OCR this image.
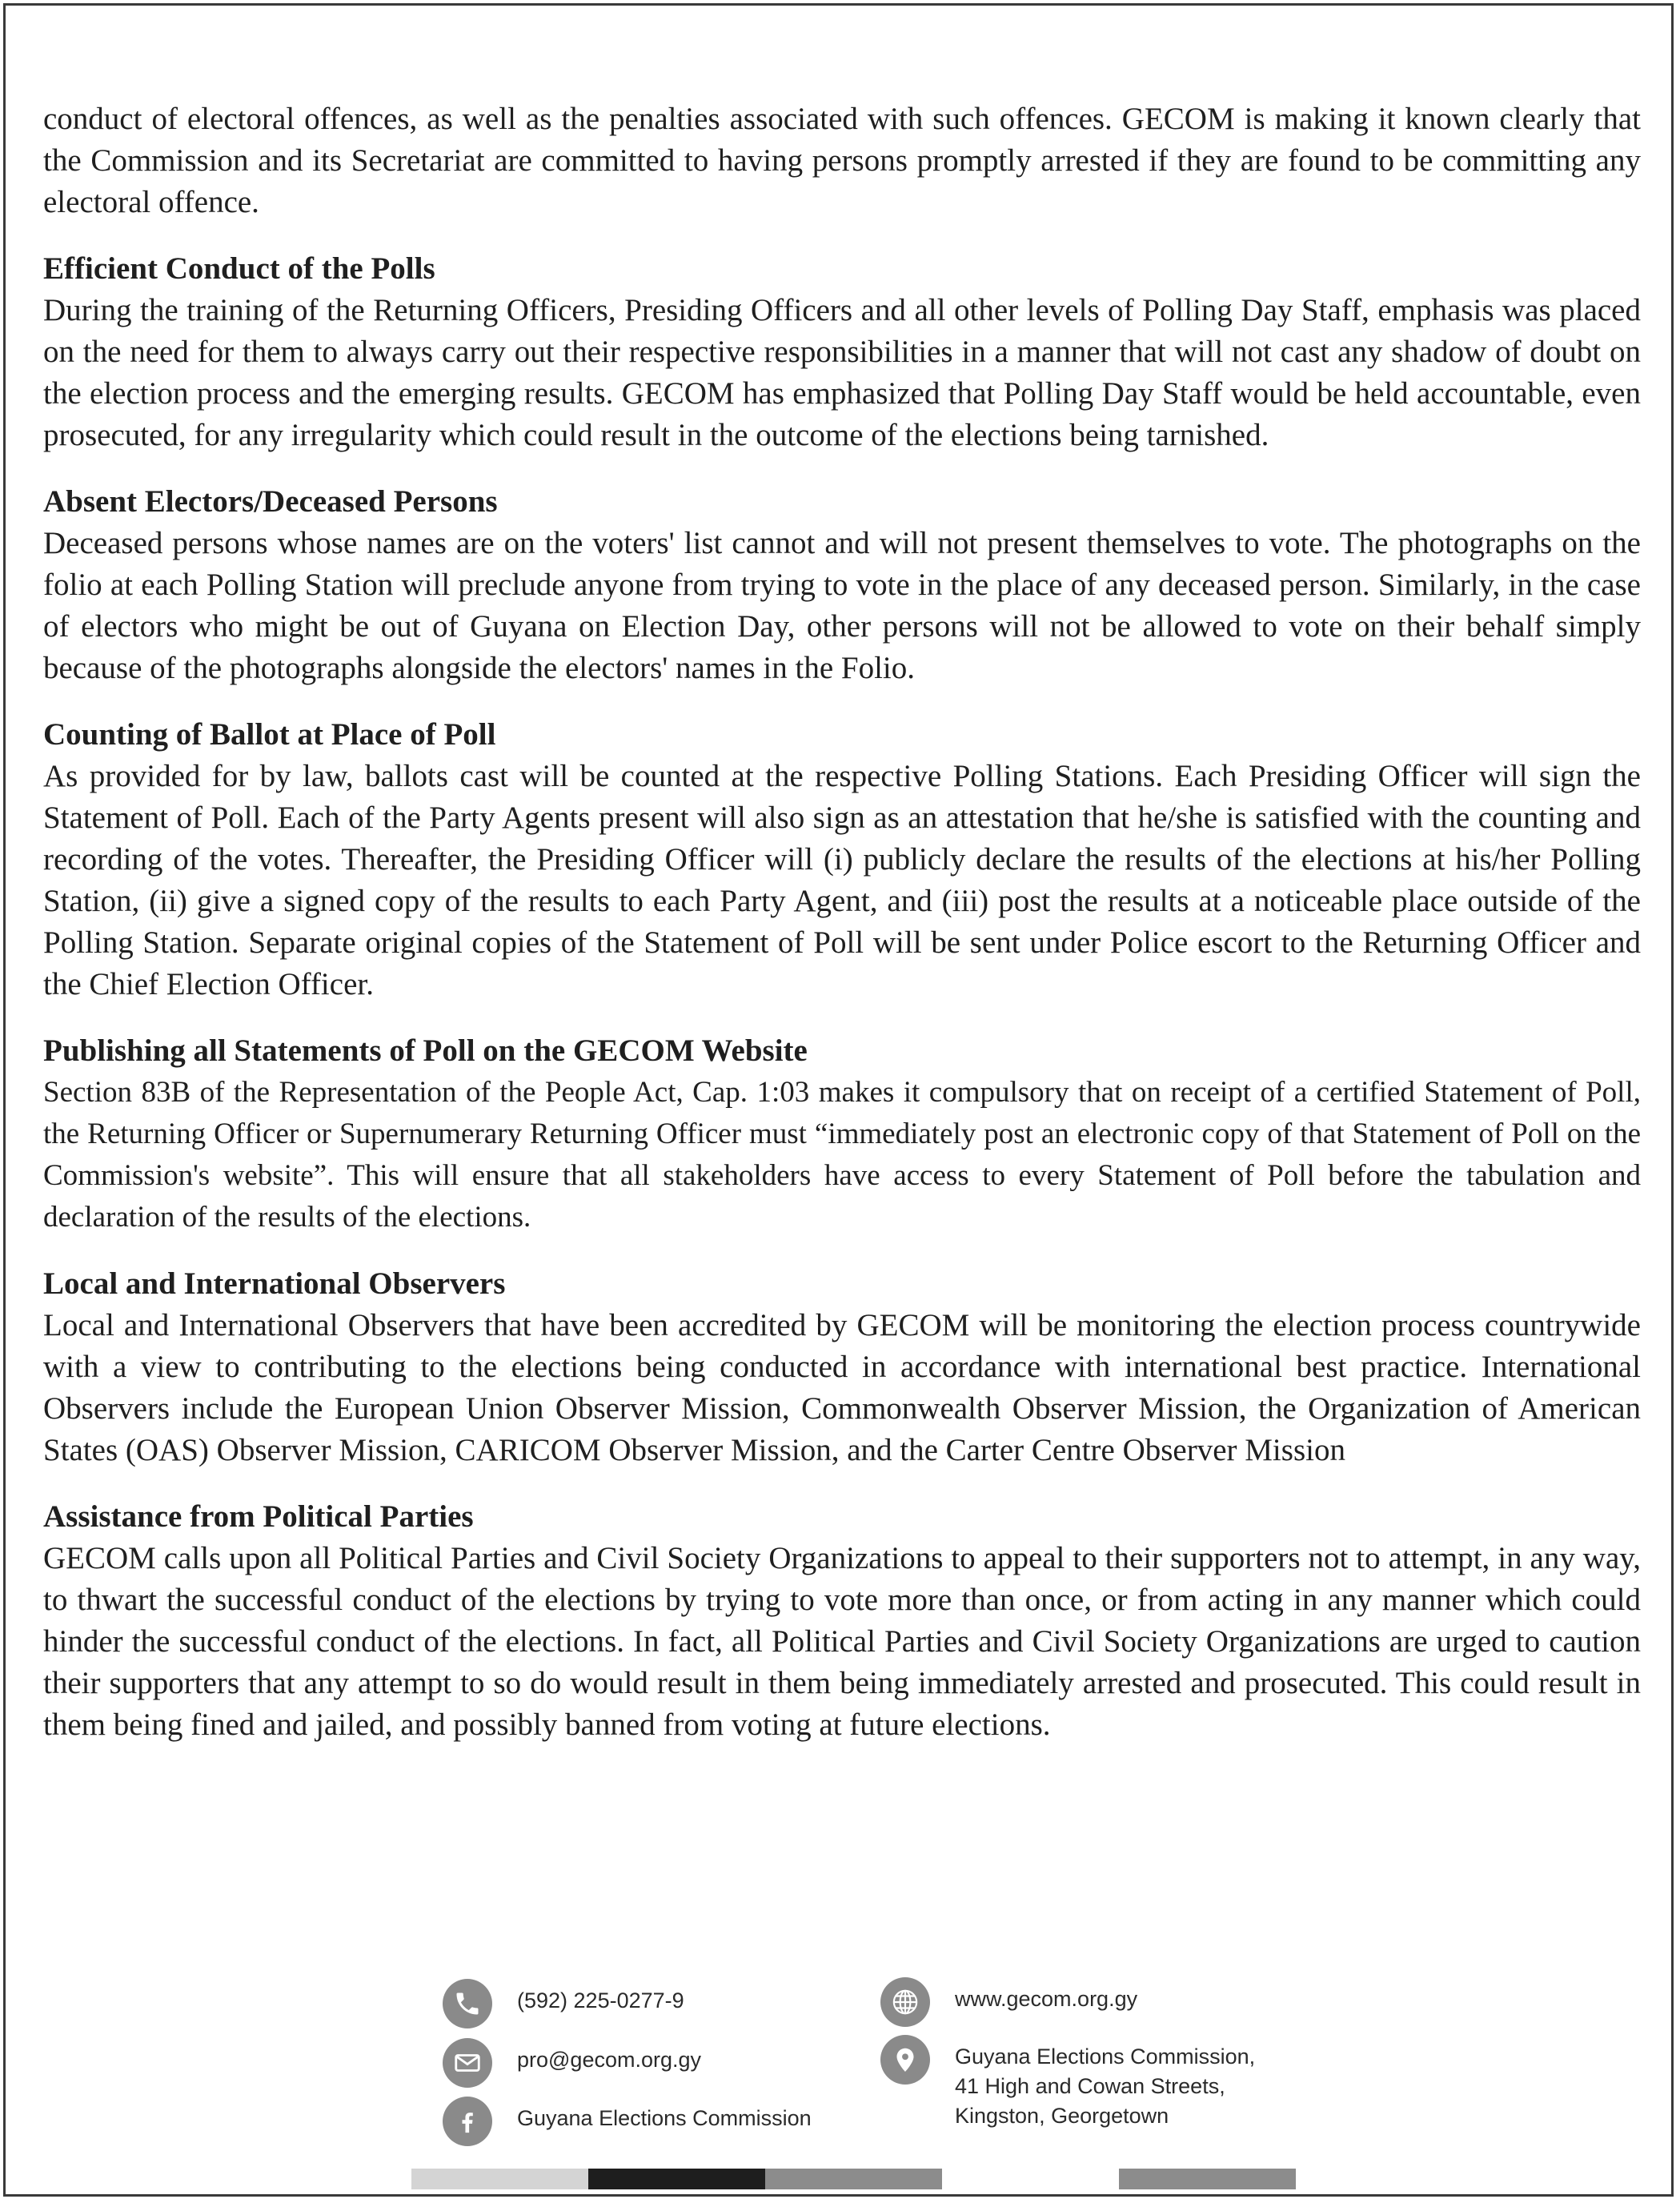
conduct of electoral offences, as well as the penalties associated with such offences. GECOM is making it known clearly that the Commission and its Secretariat are committed to having persons promptly arrested if they are found to be committing any electoral offence.

Efficient Conduct of the Polls

During the training of the Returning Officers, Presiding Officers and all other levels of Polling Day Staff, emphasis was placed on the need for them to always carry out their respective responsibilities in a manner that will not cast any shadow of doubt on the election process and the emerging results. GECOM has emphasized that Polling Day Staff would be held accountable, even prosecuted, for any irregularity which could result in the outcome of the elections being tarnished.

Absent Electors/Deceased Persons

Deceased persons whose names are on the voters' list cannot and will not present themselves to vote. The photographs on the folio at each Polling Station will preclude anyone from trying to vote in the place of any deceased person. Similarly, in the case of electors who might be out of Guyana on Election Day, other persons will not be allowed to vote on their behalf simply because of the photographs alongside the electors' names in the Folio.

Counting of Ballot at Place of Poll

As provided for by law, ballots cast will be counted at the respective Polling Stations. Each Presiding Officer will sign the Statement of Poll. Each of the Party Agents present will also sign as an attestation that he/she is satisfied with the counting and recording of the votes. Thereafter, the Presiding Officer will (i) publicly declare the results of the elections at his/her Polling Station, (ii) give a signed copy of the results to each Party Agent, and (iii) post the results at a noticeable place outside of the Polling Station. Separate original copies of the Statement of Poll will be sent under Police escort to the Returning Officer and the Chief Election Officer.

Publishing all Statements of Poll on the GECOM Website

Section 83B of the Representation of the People Act, Cap. 1:03 makes it compulsory that on receipt of a certified Statement of Poll, the Returning Officer or Supernumerary Returning Officer must “immediately post an electronic copy of that Statement of Poll on the Commission's website”. This will ensure that all stakeholders have access to every Statement of Poll before the tabulation and declaration of the results of the elections.

Local and International Observers

Local and International Observers that have been accredited by GECOM will be monitoring the election process countrywide with a view to contributing to the elections being conducted in accordance with international best practice. International Observers include the European Union Observer Mission, Commonwealth Observer Mission, the Organization of American States (OAS) Observer Mission, CARICOM Observer Mission, and the Carter Centre Observer Mission

Assistance from Political Parties

GECOM calls upon all Political Parties and Civil Society Organizations to appeal to their supporters not to attempt, in any way, to thwart the successful conduct of the elections by trying to vote more than once, or from acting in any manner which could hinder the successful conduct of the elections. In fact, all Political Parties and Civil Society Organizations are urged to caution their supporters that any attempt to so do would result in them being immediately arrested and prosecuted. This could result in them being fined and jailed, and possibly banned from voting at future elections.

(592) 225-0277-9
pro@gecom.org.gy
Guyana Elections Commission
www.gecom.org.gy
Guyana Elections Commission,
41 High and Cowan Streets,
Kingston, Georgetown
